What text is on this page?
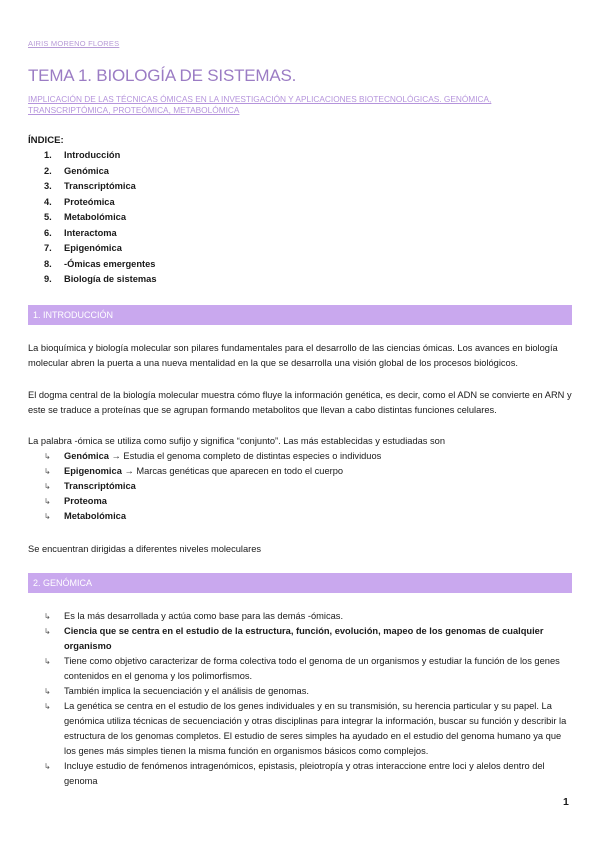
AIRIS MORENO FLORES
TEMA 1. BIOLOGÍA DE SISTEMAS.
IMPLICACIÓN DE LAS TÉCNICAS ÓMICAS EN LA INVESTIGACIÓN Y APLICACIONES BIOTECNOLÓGICAS. GENÓMICA, TRANSCRIPTÓMICA, PROTEÓMICA, METABOLÓMICA
ÍNDICE:
1. Introducción
2. Genómica
3. Transcriptómica
4. Proteómica
5. Metabolómica
6. Interactoma
7. Epigenómica
8. -Ómicas emergentes
9. Biología de sistemas
1. INTRODUCCIÓN

La bioquímica y biología molecular son pilares fundamentales para el desarrollo de las ciencias ómicas. Los avances en biología molecular abren la puerta a una nueva mentalidad en la que se desarrolla una visión global de los procesos biológicos.

El dogma central de la biología molecular muestra cómo fluye la información genética, es decir, como el ADN se convierte en ARN y este se traduce a proteínas que se agrupan formando metabolitos que llevan a cabo distintas funciones celulares.

La palabra -ómica se utiliza como sufijo y significa “conjunto”. Las más establecidas y estudiadas son

↳ Genómica → Estudia el genoma completo de distintas especies o individuos
↳ Epigenomica → Marcas genéticas que aparecen en todo el cuerpo
↳ Transcriptómica
↳ Proteoma
↳ Metabolómica

Se encuentran dirigidas a diferentes niveles moleculares

2. GENÓMICA
↳ Es la más desarrollada y actúa como base para las demás -ómicas.
↳ Ciencia que se centra en el estudio de la estructura, función, evolución, mapeo de los genomas de cualquier organismo
↳ Tiene como objetivo caracterizar de forma colectiva todo el genoma de un organismos y estudiar la función de los genes contenidos en el genoma y los polimorfismos.
↳ También implica la secuenciación y el análisis de genomas.
↳ La genética se centra en el estudio de los genes individuales y en su transmisión, su herencia particular y su papel. La genómica utiliza técnicas de secuenciación y otras disciplinas para integrar la información, buscar su función y describir la estructura de los genomas completos. El estudio de seres simples ha ayudado en el estudio del genoma humano ya que los genes más simples tienen la misma función en organismos básicos como complejos.
↳ Incluye estudio de fenómenos intragenómicos, epistasis, pleiotropía y otras interaccione entre loci y alelos dentro del genoma
1
